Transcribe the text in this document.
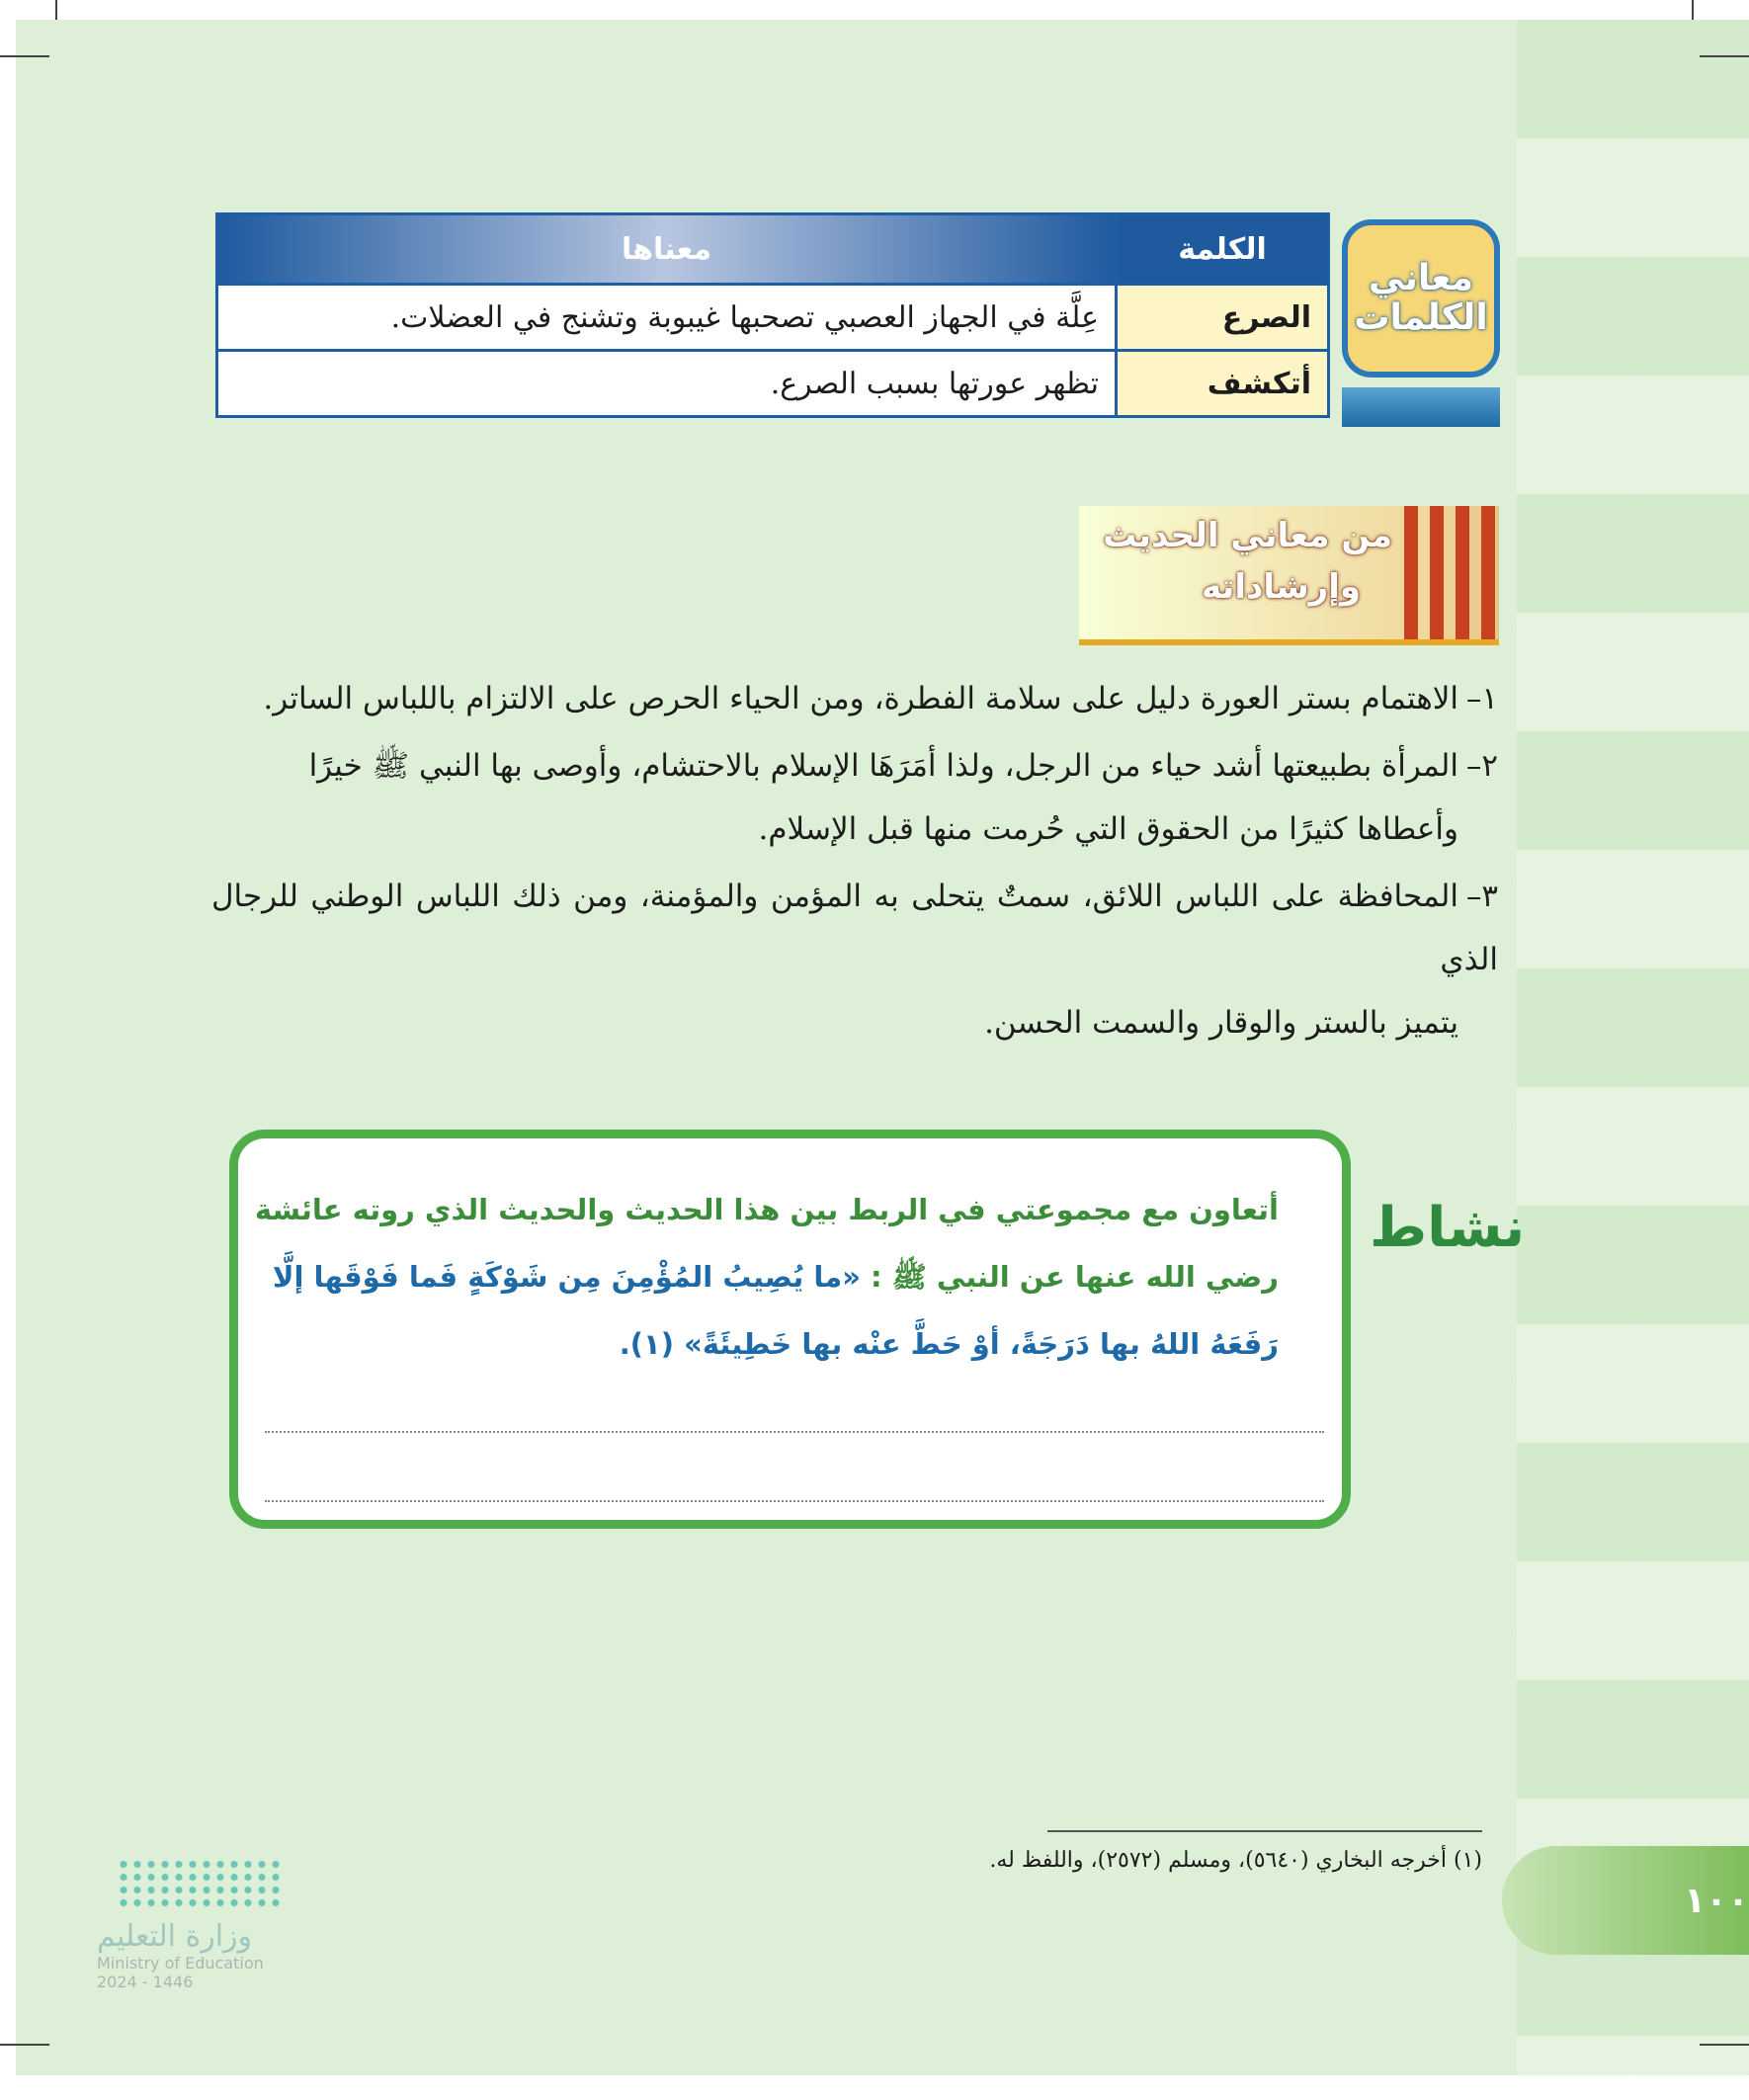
معاني
الكلمات
الكلمة	معناها
الصرع	عِلَّة في الجهاز العصبي تصحبها غيبوبة وتشنج في العضلات.
أتكشف	تظهر عورتها بسبب الصرع.
من معاني الحديث
وإرشاداته

١–الاهتمام بستر العورة دليل على سلامة الفطرة، ومن الحياء الحرص على الالتزام باللباس الساتر.

٢–المرأة بطبيعتها أشد حياء من الرجل، ولذا أمَرَهَا الإسلام بالاحتشام، وأوصى بها النبي ﷺ خيرًا
وأعطاها كثيرًا من الحقوق التي حُرمت منها قبل الإسلام.

٣–المحافظة على اللباس اللائق، سمتٌ يتحلى به المؤمن والمؤمنة، ومن ذلك اللباس الوطني للرجال الذي
يتميز بالستر والوقار والسمت الحسن.

نشاط
أتعاون مع مجموعتي في الربط بين هذا الحديث والحديث الذي روته عائشة رضي الله عنها عن النبي ﷺ : «ما يُصِيبُ المُؤْمِنَ مِن شَوْكَةٍ فَما فَوْقَها إلَّا رَفَعَهُ اللهُ بها دَرَجَةً، أوْ حَطَّ عنْه بها خَطِيئَةً» (١).
(١) أخرجه البخاري (٥٦٤٠)، ومسلم (٢٥٧٢)، واللفظ له.
١٠٠
وزارة التعليم
Ministry of Education
2024 - 1446
